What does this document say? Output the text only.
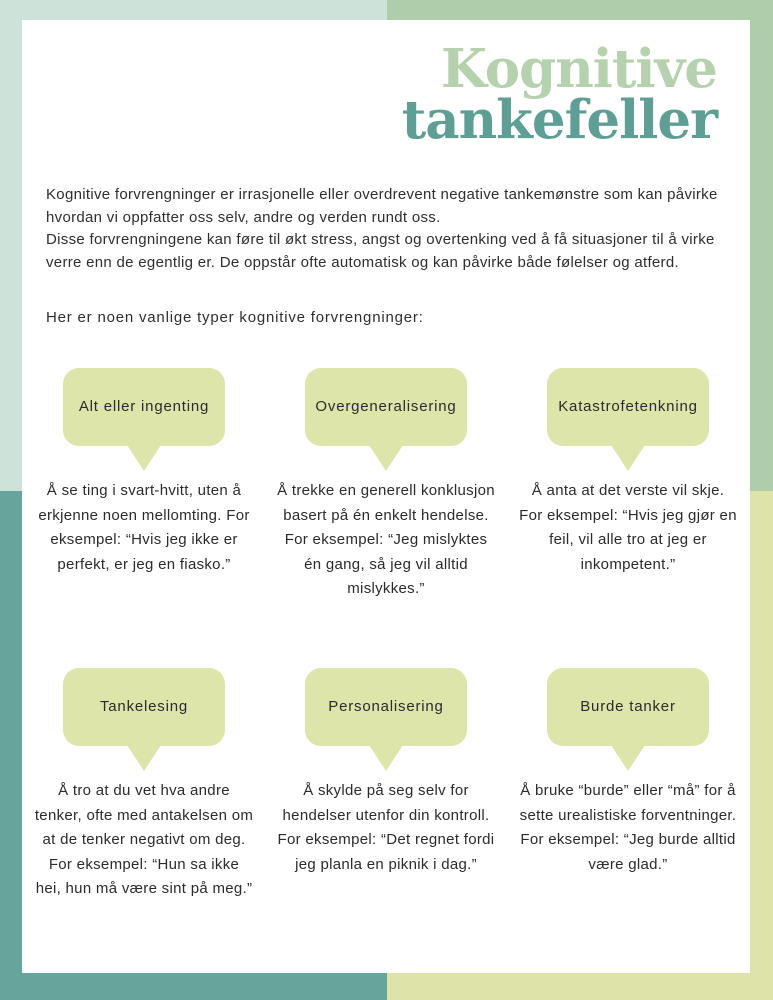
Kognitive
tankefeller
Kognitive forvrengninger er irrasjonelle eller overdrevent negative tankemønstre som kan påvirke hvordan vi oppfatter oss selv, andre og verden rundt oss.
Disse forvrengningene kan føre til økt stress, angst og overtenking ved å få situasjoner til å virke verre enn de egentlig er. De oppstår ofte automatisk og kan påvirke både følelser og atferd.
Her er noen vanlige typer kognitive forvrengninger:
Alt eller ingenting
Å se ting i svart-hvitt, uten å erkjenne noen mellomting. For eksempel: “Hvis jeg ikke er perfekt, er jeg en fiasko.”
Overgeneralisering
Å trekke en generell konklusjon basert på én enkelt hendelse. For eksempel: “Jeg mislyktes én gang, så jeg vil alltid mislykkes.”
Katastrofetenkning
Å anta at det verste vil skje. For eksempel: “Hvis jeg gjør en feil, vil alle tro at jeg er inkompetent.”
Tankelesing
Å tro at du vet hva andre tenker, ofte med antakelsen om at de tenker negativt om deg. For eksempel: “Hun sa ikke hei, hun må være sint på meg.”
Personalisering
Å skylde på seg selv for hendelser utenfor din kontroll. For eksempel: “Det regnet fordi jeg planla en piknik i dag.”
Burde tanker
Å bruke “burde” eller “må” for å sette urealistiske forventninger. For eksempel: “Jeg burde alltid være glad.”
